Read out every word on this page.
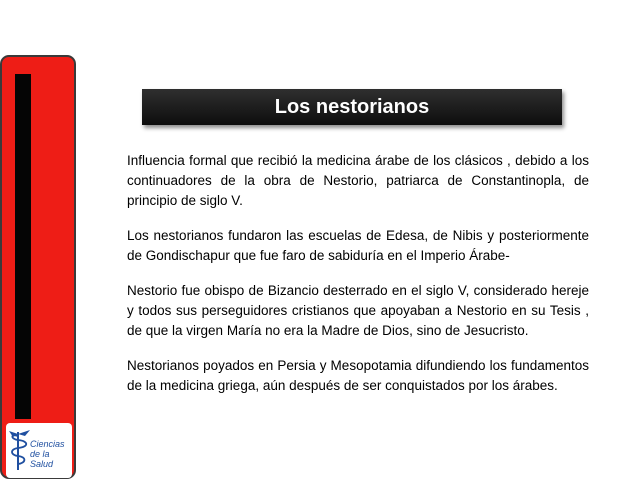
Ciencias
de la Salud
Los nestorianos

Influencia formal que recibió la medicina árabe de los clásicos , debido a los continuadores de la obra de Nestorio, patriarca de Constantinopla, de principio de siglo V.

Los nestorianos fundaron las escuelas de Edesa, de Nibis y posteriormente de Gondischapur que fue faro de sabiduría en el Imperio Árabe-

Nestorio fue obispo de Bizancio desterrado en el siglo V, considerado hereje y todos sus perseguidores cristianos que apoyaban a Nestorio en su Tesis , de que la virgen María no era la Madre de Dios, sino de Jesucristo.

Nestorianos poyados en Persia y Mesopotamia difundiendo los fundamentos de la medicina griega, aún después de ser conquistados por los árabes.
